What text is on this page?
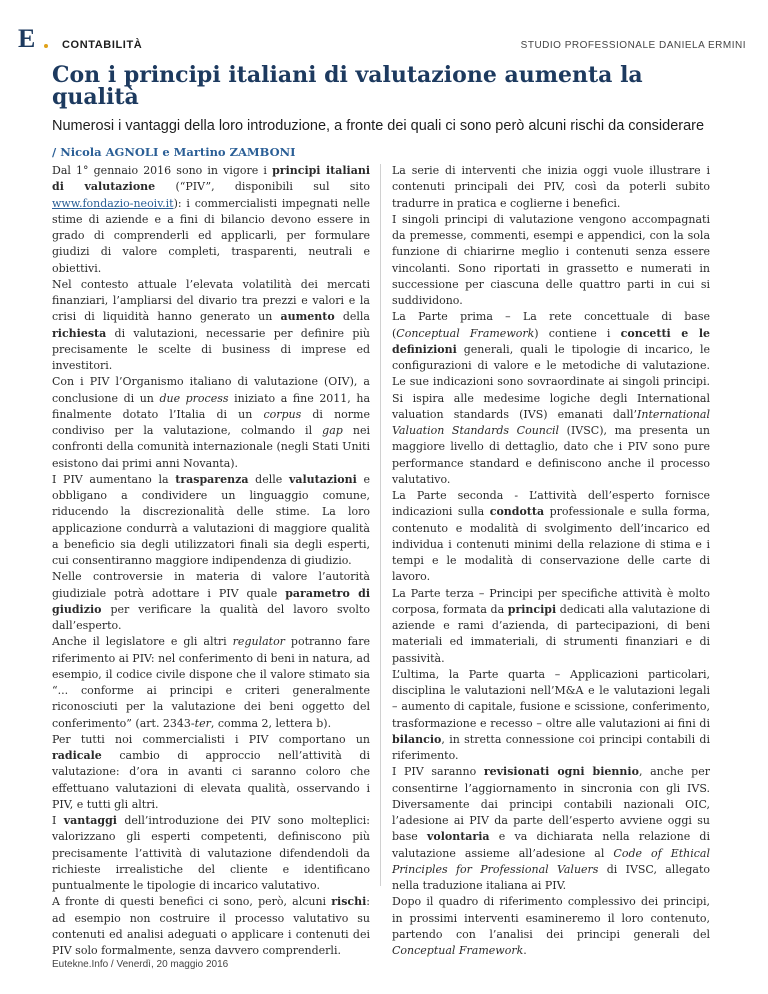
E	CONTABILITÀ	STUDIO PROFESSIONALE DANIELA ERMINI
Con i principi italiani di valutazione aumenta la qualità

Numerosi i vantaggi della loro introduzione, a fronte dei quali ci sono però alcuni rischi da considerare

/ Nicola AGNOLI e Martino ZAMBONI

Dal 1° gennaio 2016 sono in vigore i principi italiani di valutazione (“PIV”, disponibili sul sito www.fondazio-neoiv.it): i commercialisti impegnati nelle stime di aziende e a fini di bilancio devono essere in grado di comprenderli ed applicarli, per formulare giudizi di valore completi, trasparenti, neutrali e obiettivi.

Nel contesto attuale l’elevata volatilità dei mercati finanziari, l’ampliarsi del divario tra prezzi e valori e la crisi di liquidità hanno generato un aumento della richiesta di valutazioni, necessarie per definire più precisamente le scelte di business di imprese ed investitori.

Con i PIV l’Organismo italiano di valutazione (OIV), a conclusione di un due process iniziato a fine 2011, ha finalmente dotato l’Italia di un corpus di norme condiviso per la valutazione, colmando il gap nei confronti della comunità internazionale (negli Stati Uniti esistono dai primi anni Novanta).

I PIV aumentano la trasparenza delle valutazioni e obbligano a condividere un linguaggio comune, riducendo la discrezionalità delle stime. La loro applicazione condurrà a valutazioni di maggiore qualità a beneficio sia degli utilizzatori finali sia degli esperti, cui consentiranno maggiore indipendenza di giudizio.

Nelle controversie in materia di valore l’autorità giudiziale potrà adottare i PIV quale parametro di giudizio per verificare la qualità del lavoro svolto dall’esperto.

Anche il legislatore e gli altri regulator potranno fare riferimento ai PIV: nel conferimento di beni in natura, ad esempio, il codice civile dispone che il valore stimato sia “... conforme ai principi e criteri generalmente riconosciuti per la valutazione dei beni oggetto del conferimento” (art. 2343-ter, comma 2, lettera b).

Per tutti noi commercialisti i PIV comportano un radicale cambio di approccio nell’attività di valutazione: d’ora in avanti ci saranno coloro che effettuano valutazioni di elevata qualità, osservando i PIV, e tutti gli altri.

I vantaggi dell’introduzione dei PIV sono molteplici: valorizzano gli esperti competenti, definiscono più precisamente l’attività di valutazione difendendoli da richieste irrealistiche del cliente e identificano puntualmente le tipologie di incarico valutativo.

A fronte di questi benefici ci sono, però, alcuni rischi: ad esempio non costruire il processo valutativo su contenuti ed analisi adeguati o applicare i contenuti dei PIV solo formalmente, senza davvero comprenderli.

La serie di interventi che inizia oggi vuole illustrare i contenuti principali dei PIV, così da poterli subito tradurre in pratica e coglierne i benefici.

I singoli principi di valutazione vengono accompagnati da premesse, commenti, esempi e appendici, con la sola funzione di chiarirne meglio i contenuti senza essere vincolanti. Sono riportati in grassetto e numerati in successione per ciascuna delle quattro parti in cui si suddividono.

La Parte prima – La rete concettuale di base (Conceptual Framework) contiene i concetti e le definizioni generali, quali le tipologie di incarico, le configurazioni di valore e le metodiche di valutazione. Le sue indicazioni sono sovraordinate ai singoli principi. Si ispira alle medesime logiche degli International valuation standards (IVS) emanati dall’International Valuation Standards Council (IVSC), ma presenta un maggiore livello di dettaglio, dato che i PIV sono pure performance standard e definiscono anche il processo valutativo.

La Parte seconda - L’attività dell’esperto fornisce indicazioni sulla condotta professionale e sulla forma, contenuto e modalità di svolgimento dell’incarico ed individua i contenuti minimi della relazione di stima e i tempi e le modalità di conservazione delle carte di lavoro.

La Parte terza – Principi per specifiche attività è molto corposa, formata da principi dedicati alla valutazione di aziende e rami d’azienda, di partecipazioni, di beni materiali ed immateriali, di strumenti finanziari e di passività.

L’ultima, la Parte quarta – Applicazioni particolari, disciplina le valutazioni nell’M&A e le valutazioni legali – aumento di capitale, fusione e scissione, conferimento, trasformazione e recesso – oltre alle valutazioni ai fini di bilancio, in stretta connessione coi principi contabili di riferimento.

I PIV saranno revisionati ogni biennio, anche per consentirne l’aggiornamento in sincronia con gli IVS. Diversamente dai principi contabili nazionali OIC, l’adesione ai PIV da parte dell’esperto avviene oggi su base volontaria e va dichiarata nella relazione di valutazione assieme all’adesione al Code of Ethical Principles for Professional Valuers di IVSC, allegato nella traduzione italiana ai PIV.

Dopo il quadro di riferimento complessivo dei principi, in prossimi interventi esamineremo il loro contenuto, partendo con l’analisi dei principi generali del Conceptual Framework.

Eutekne.Info / Venerdì, 20 maggio 2016
